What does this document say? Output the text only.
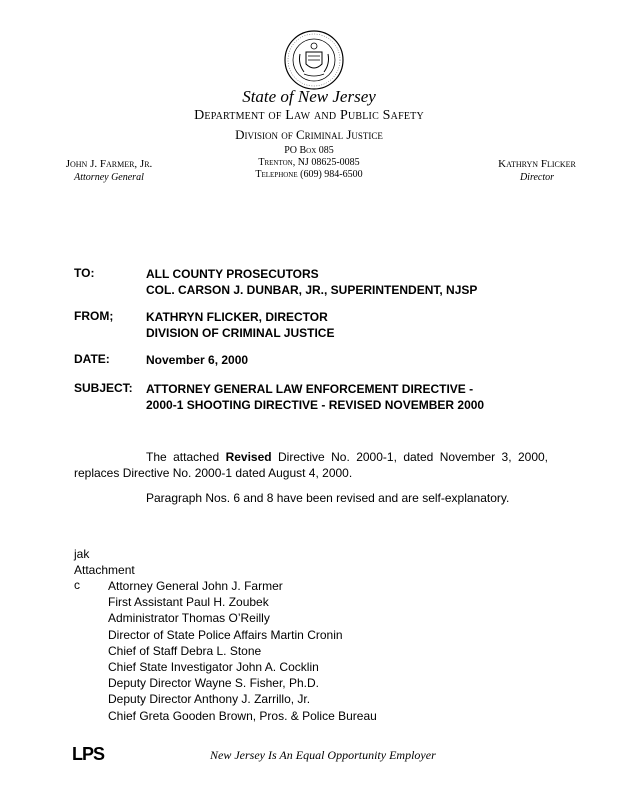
State of New Jersey
Department of Law and Public Safety
Division of Criminal Justice
PO Box 085
Trenton, NJ 08625-0085
Telephone (609) 984-6500
John J. Farmer, Jr.
Attorney General
Kathryn Flicker
Director
TO:	ALL COUNTY PROSECUTORS
COL. CARSON J. DUNBAR, JR., SUPERINTENDENT, NJSP
FROM;	KATHRYN FLICKER, DIRECTOR
DIVISION OF CRIMINAL JUSTICE
DATE:	November 6, 2000
SUBJECT: ATTORNEY GENERAL LAW ENFORCEMENT DIRECTIVE -
2000-1 SHOOTING DIRECTIVE - REVISED NOVEMBER 2000
The attached Revised Directive No. 2000-1, dated November 3, 2000, replaces Directive No. 2000-1 dated August 4, 2000.
Paragraph Nos. 6 and 8 have been revised and are self-explanatory.
jak
Attachment
c Attorney General John J. Farmer
First Assistant Paul H. Zoubek
Administrator Thomas O’Reilly
Director of State Police Affairs Martin Cronin
Chief of Staff Debra L. Stone
Chief State Investigator John A. Cocklin
Deputy Director Wayne S. Fisher, Ph.D.
Deputy Director Anthony J. Zarrillo, Jr.
Chief Greta Gooden Brown, Pros. & Police Bureau
LPS	New Jersey Is An Equal Opportunity Employer
